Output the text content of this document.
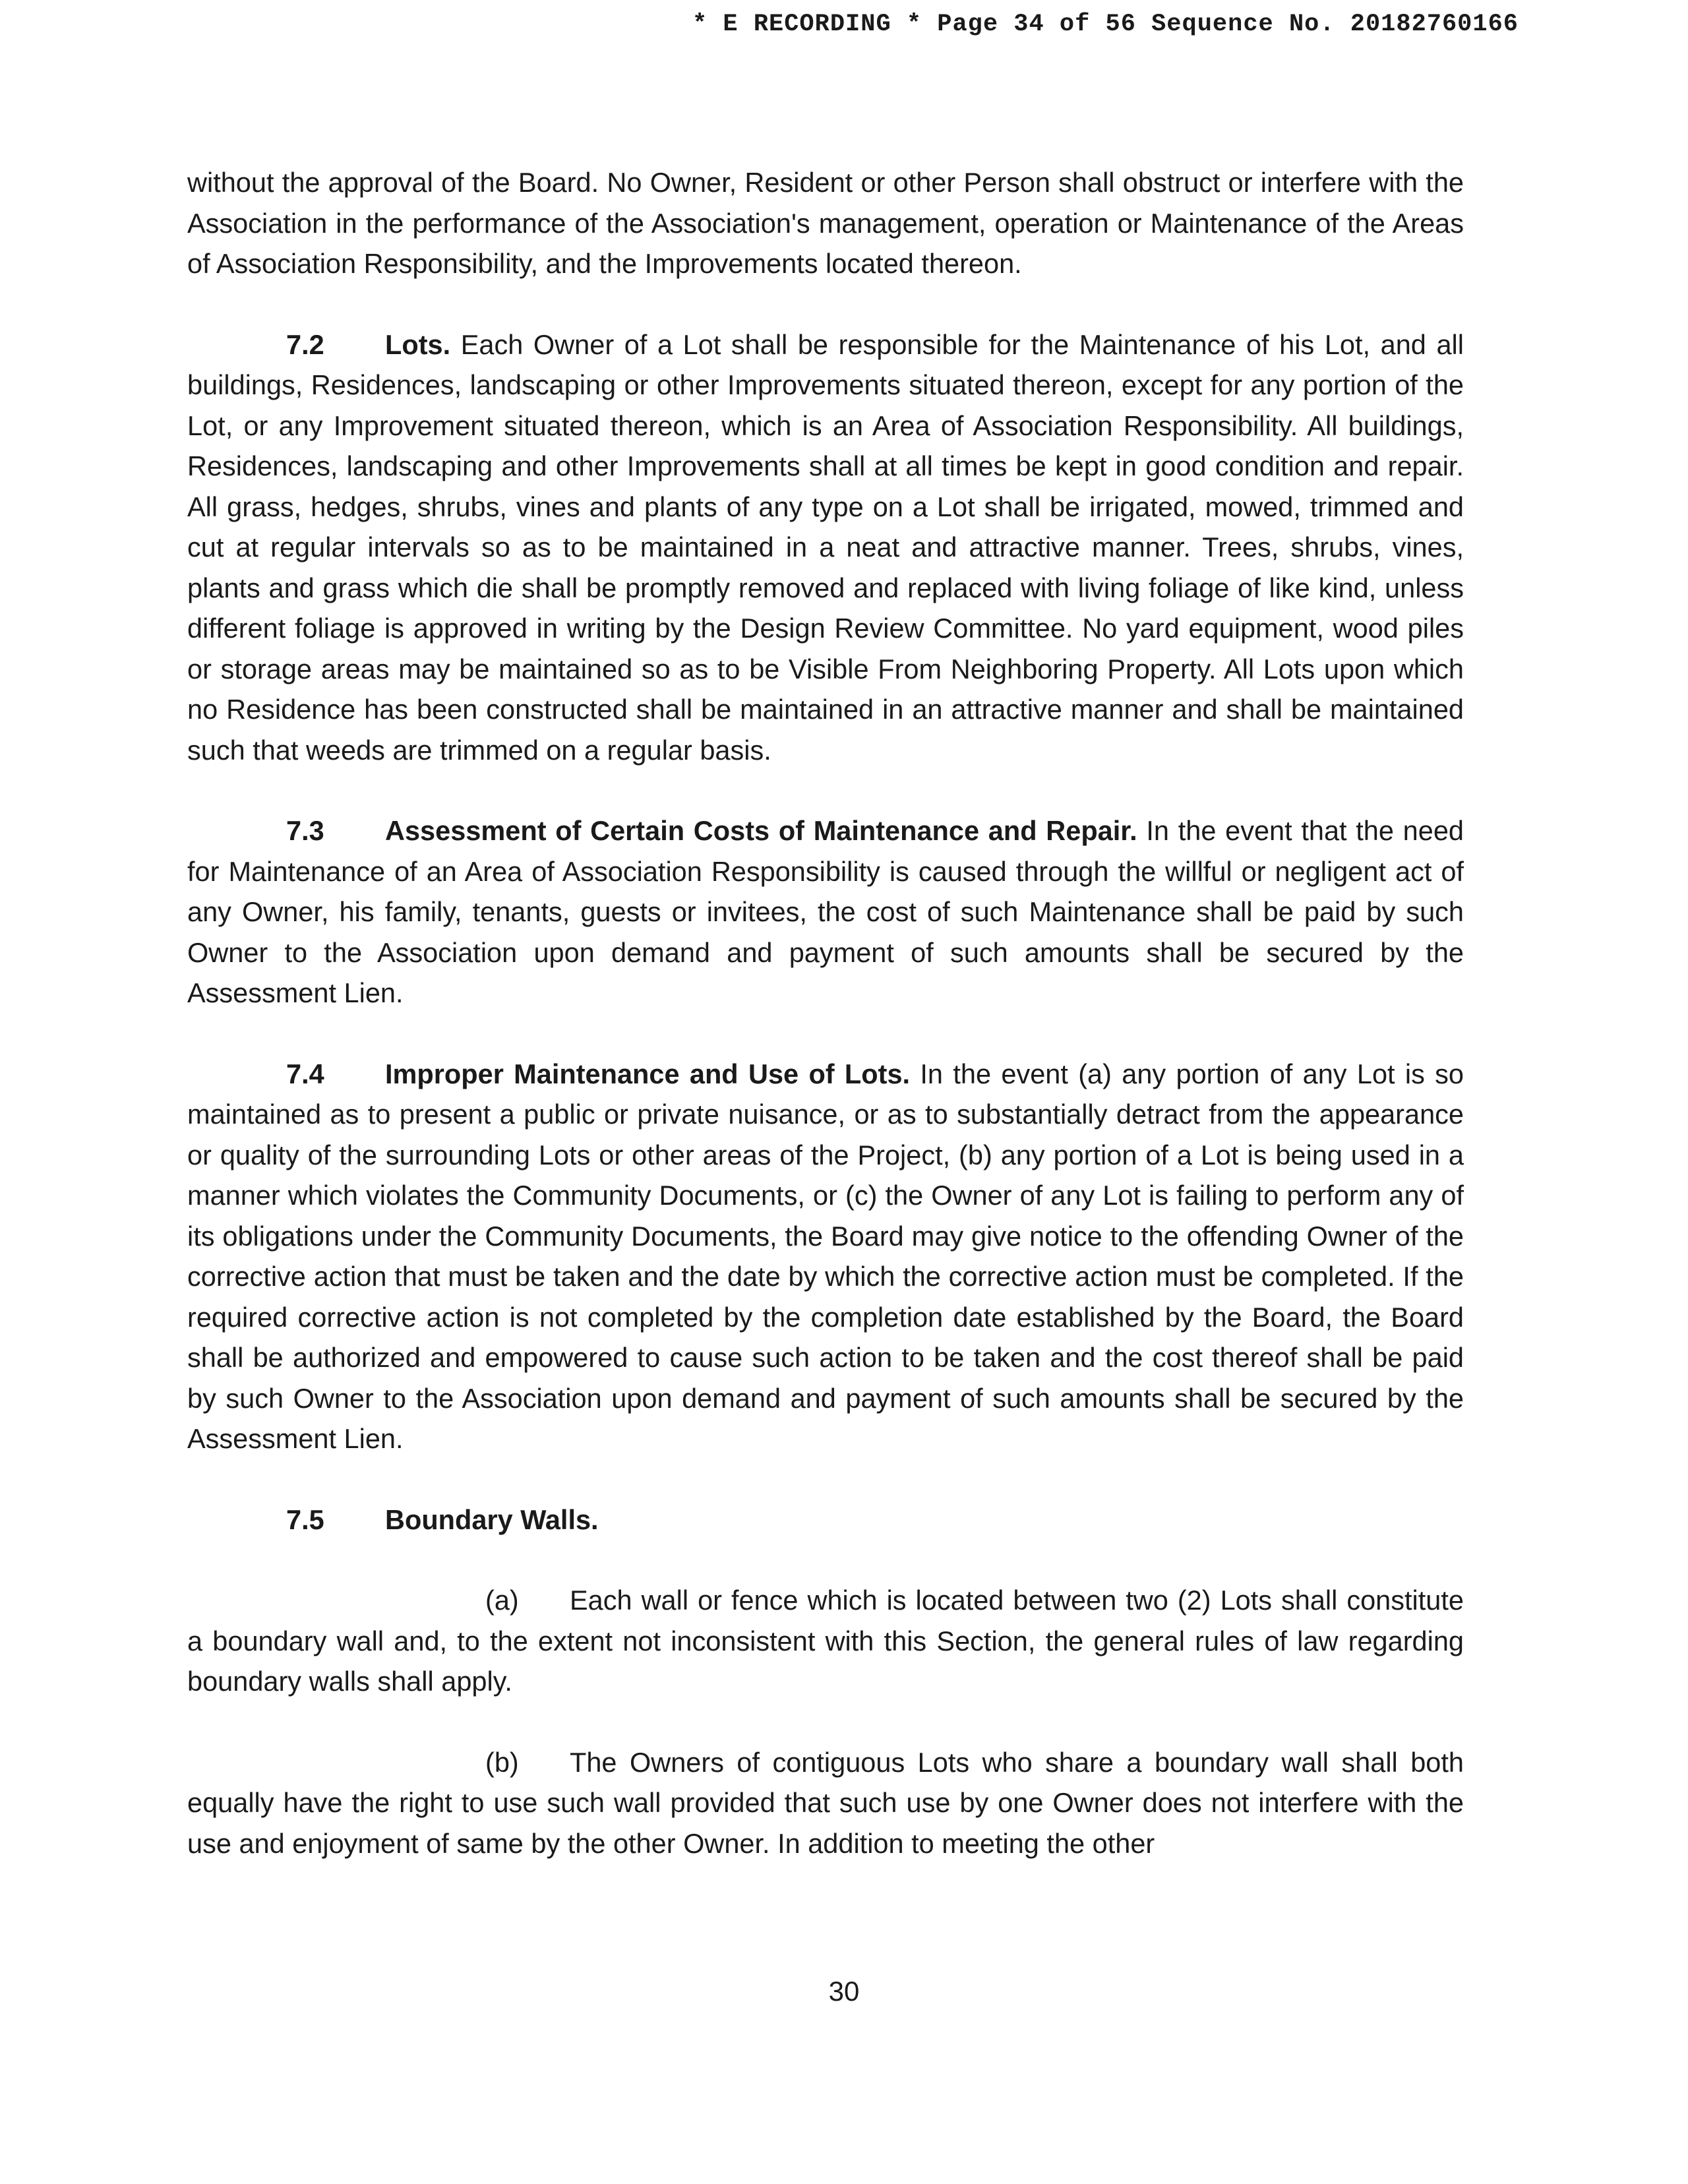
* E RECORDING * Page 34 of 56 Sequence No. 20182760166

without the approval of the Board. No Owner, Resident or other Person shall obstruct or interfere with the Association in the performance of the Association's management, operation or Maintenance of the Areas of Association Responsibility, and the Improvements located thereon.

7.2 Lots. Each Owner of a Lot shall be responsible for the Maintenance of his Lot, and all buildings, Residences, landscaping or other Improvements situated thereon, except for any portion of the Lot, or any Improvement situated thereon, which is an Area of Association Responsibility. All buildings, Residences, landscaping and other Improvements shall at all times be kept in good condition and repair. All grass, hedges, shrubs, vines and plants of any type on a Lot shall be irrigated, mowed, trimmed and cut at regular intervals so as to be maintained in a neat and attractive manner. Trees, shrubs, vines, plants and grass which die shall be promptly removed and replaced with living foliage of like kind, unless different foliage is approved in writing by the Design Review Committee. No yard equipment, wood piles or storage areas may be maintained so as to be Visible From Neighboring Property. All Lots upon which no Residence has been constructed shall be maintained in an attractive manner and shall be maintained such that weeds are trimmed on a regular basis.

7.3 Assessment of Certain Costs of Maintenance and Repair. In the event that the need for Maintenance of an Area of Association Responsibility is caused through the willful or negligent act of any Owner, his family, tenants, guests or invitees, the cost of such Maintenance shall be paid by such Owner to the Association upon demand and payment of such amounts shall be secured by the Assessment Lien.

7.4 Improper Maintenance and Use of Lots. In the event (a) any portion of any Lot is so maintained as to present a public or private nuisance, or as to substantially detract from the appearance or quality of the surrounding Lots or other areas of the Project, (b) any portion of a Lot is being used in a manner which violates the Community Documents, or (c) the Owner of any Lot is failing to perform any of its obligations under the Community Documents, the Board may give notice to the offending Owner of the corrective action that must be taken and the date by which the corrective action must be completed. If the required corrective action is not completed by the completion date established by the Board, the Board shall be authorized and empowered to cause such action to be taken and the cost thereof shall be paid by such Owner to the Association upon demand and payment of such amounts shall be secured by the Assessment Lien.

7.5 Boundary Walls.

(a) Each wall or fence which is located between two (2) Lots shall constitute a boundary wall and, to the extent not inconsistent with this Section, the general rules of law regarding boundary walls shall apply.

(b) The Owners of contiguous Lots who share a boundary wall shall both equally have the right to use such wall provided that such use by one Owner does not interfere with the use and enjoyment of same by the other Owner. In addition to meeting the other

30
